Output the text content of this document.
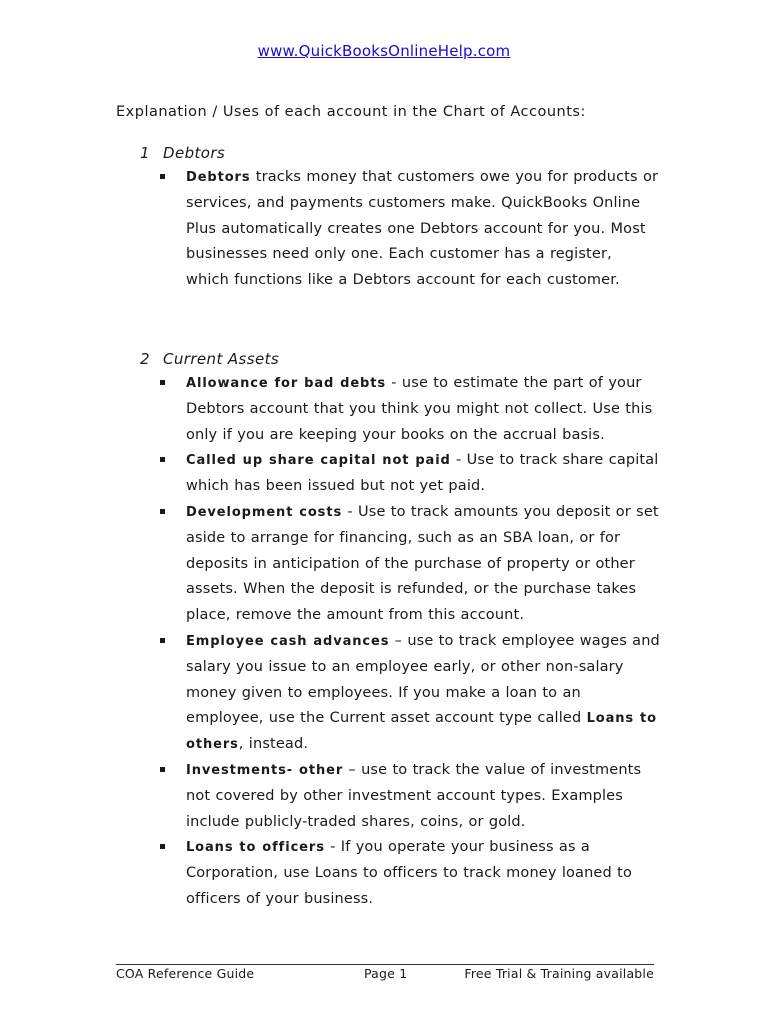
www.QuickBooksOnlineHelp.com
Explanation / Uses of each account in the Chart of Accounts:
1 Debtors
Debtors tracks money that customers owe you for products or services, and payments customers make. QuickBooks Online Plus automatically creates one Debtors account for you. Most businesses need only one. Each customer has a register, which functions like a Debtors account for each customer.
2 Current Assets
Allowance for bad debts - use to estimate the part of your Debtors account that you think you might not collect. Use this only if you are keeping your books on the accrual basis.
Called up share capital not paid - Use to track share capital which has been issued but not yet paid.
Development costs - Use to track amounts you deposit or set aside to arrange for financing, such as an SBA loan, or for deposits in anticipation of the purchase of property or other assets. When the deposit is refunded, or the purchase takes place, remove the amount from this account.
Employee cash advances – use to track employee wages and salary you issue to an employee early, or other non-salary money given to employees. If you make a loan to an employee, use the Current asset account type called Loans to others, instead.
Investments- other – use to track the value of investments not covered by other investment account types. Examples include publicly-traded shares, coins, or gold.
Loans to officers - If you operate your business as a Corporation, use Loans to officers to track money loaned to officers of your business.
COA Reference Guide	Page 1	Free Trial & Training available
